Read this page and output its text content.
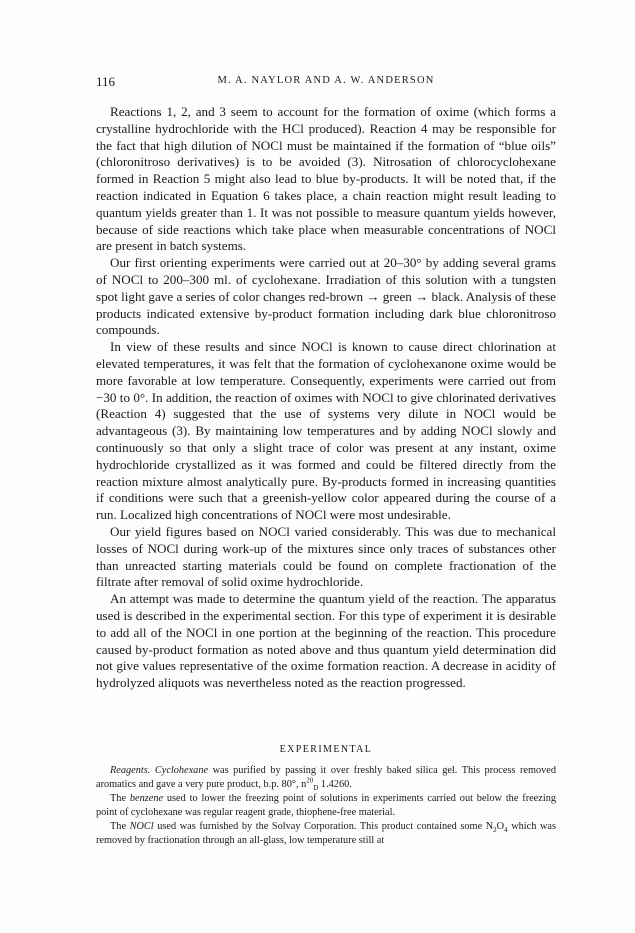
116	M. A. NAYLOR AND A. W. ANDERSON

Reactions 1, 2, and 3 seem to account for the formation of oxime (which forms a crystalline hydrochloride with the HCl produced). Reaction 4 may be responsible for the fact that high dilution of NOCl must be maintained if the formation of “blue oils” (chloronitroso derivatives) is to be avoided (3). Nitrosation of chlorocyclohexane formed in Reaction 5 might also lead to blue by-products. It will be noted that, if the reaction indicated in Equation 6 takes place, a chain reaction might result leading to quantum yields greater than 1. It was not possible to measure quantum yields however, because of side reactions which take place when measurable concentrations of NOCl are present in batch systems.

Our first orienting experiments were carried out at 20–30° by adding several grams of NOCl to 200–300 ml. of cyclohexane. Irradiation of this solution with a tungsten spot light gave a series of color changes red-brown → green → black. Analysis of these products indicated extensive by-product formation including dark blue chloronitroso compounds.

In view of these results and since NOCl is known to cause direct chlorination at elevated temperatures, it was felt that the formation of cyclohexanone oxime would be more favorable at low temperature. Consequently, experiments were carried out from −30 to 0°. In addition, the reaction of oximes with NOCl to give chlorinated derivatives (Reaction 4) suggested that the use of systems very dilute in NOCl would be advantageous (3). By maintaining low temperatures and by adding NOCl slowly and continuously so that only a slight trace of color was present at any instant, oxime hydrochloride crystallized as it was formed and could be filtered directly from the reaction mixture almost analytically pure. By-products formed in increasing quantities if conditions were such that a greenish-yellow color appeared during the course of a run. Localized high concentrations of NOCl were most undesirable.

Our yield figures based on NOCl varied considerably. This was due to mechanical losses of NOCl during work-up of the mixtures since only traces of substances other than unreacted starting materials could be found on complete fractionation of the filtrate after removal of solid oxime hydrochloride.

An attempt was made to determine the quantum yield of the reaction. The apparatus used is described in the experimental section. For this type of experiment it is desirable to add all of the NOCl in one portion at the beginning of the reaction. This procedure caused by-product formation as noted above and thus quantum yield determination did not give values representative of the oxime formation reaction. A decrease in acidity of hydrolyzed aliquots was nevertheless noted as the reaction progressed.

EXPERIMENTAL

Reagents. Cyclohexane was purified by passing it over freshly baked silica gel. This process removed aromatics and gave a very pure product, b.p. 80°, $n^{20}_D$ 1.4260.

The benzene used to lower the freezing point of solutions in experiments carried out below the freezing point of cyclohexane was regular reagent grade, thiophene-free material.

The NOCl used was furnished by the Solvay Corporation. This product contained some $N_2O_4$ which was removed by fractionation through an all-glass, low temperature still at
